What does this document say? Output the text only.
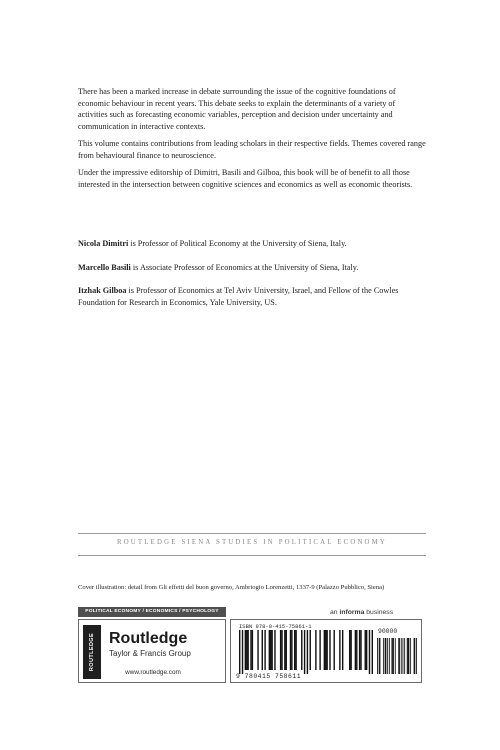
There has been a marked increase in debate surrounding the issue of the cognitive foundations of economic behaviour in recent years. This debate seeks to explain the determinants of a variety of activities such as forecasting economic variables, perception and decision under uncertainty and communication in interactive contexts.

This volume contains contributions from leading scholars in their respective fields. Themes covered range from behavioural finance to neuroscience.

Under the impressive editorship of Dimitri, Basili and Gilboa, this book will be of benefit to all those interested in the intersection between cognitive sciences and economics as well as economic theorists.

Nicola Dimitri is Professor of Political Economy at the University of Siena, Italy.

Marcello Basili is Associate Professor of Economics at the University of Siena, Italy.

Itzhak Gilboa is Professor of Economics at Tel Aviv University, Israel, and Fellow of the Cowles Foundation for Research in Economics, Yale University, US.

ROUTLEDGE SIENA STUDIES IN POLITICAL ECONOMY
Cover illustration: detail from Gli effetti del buon governo, Ambriogio Lorenzetti, 1337-9 (Palazzo Pubblico, Siena)
POLITICAL ECONOMY / ECONOMICS / PSYCHOLOGY	an informa business
ROUTLEDGE Routledge
Taylor & Francis Group
www.routledge.com
ISBN 978-0-415-75861-1
90000
9 780415 758611
